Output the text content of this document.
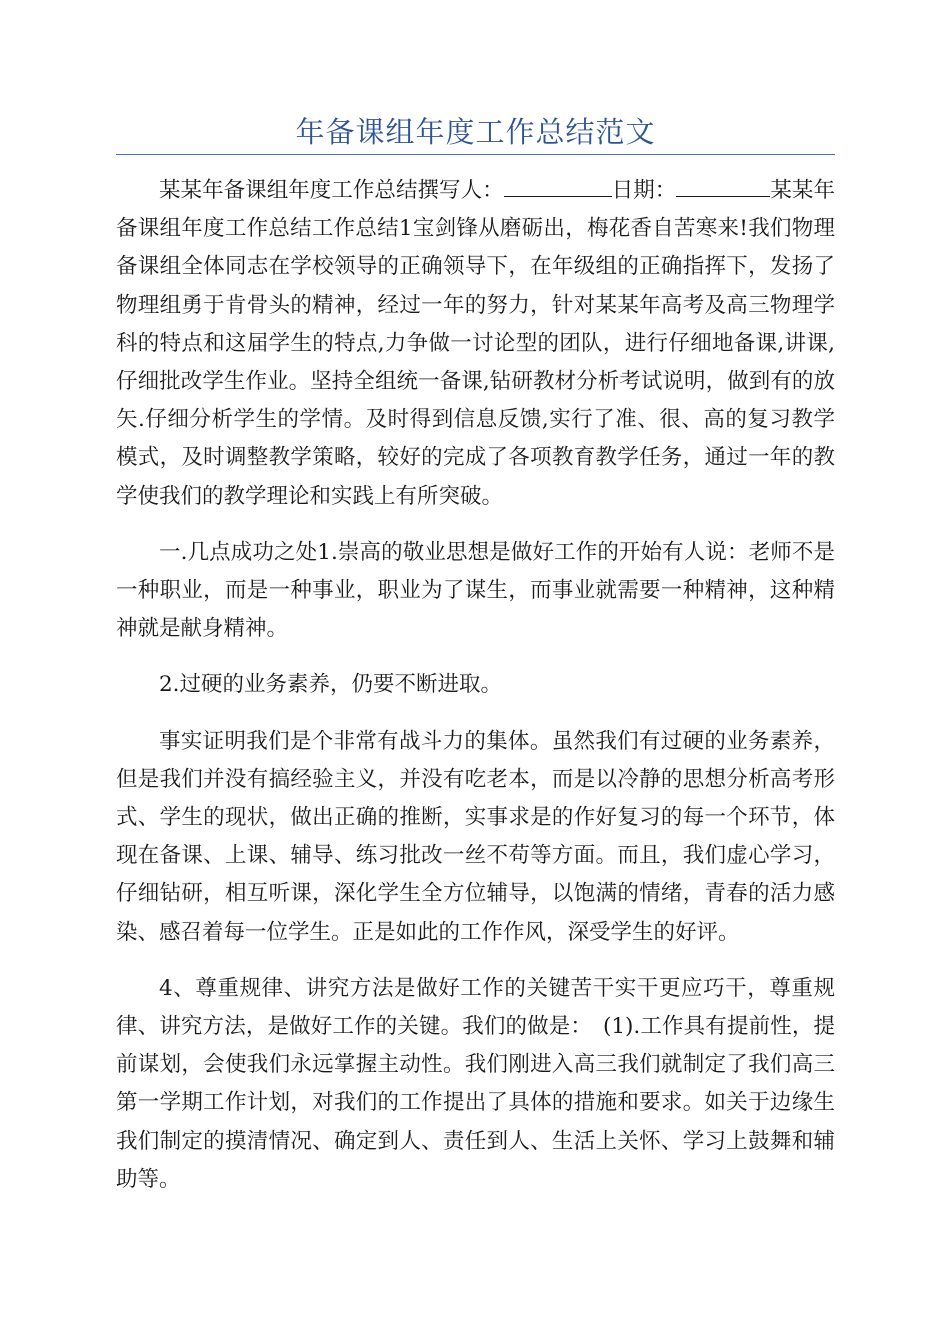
年备课组年度工作总结范文

某某年备课组年度工作总结撰写人：	日期：	某某年备课组年度工作总结工作总结1宝剑锋从磨砺出，梅花香自苦寒来!我们物理备课组全体同志在学校领导的正确领导下，在年级组的正确指挥下，发扬了物理组勇于肯骨头的精神，经过一年的努力，针对某某年高考及高三物理学科的特点和这届学生的特点,力争做一讨论型的团队，进行仔细地备课,讲课,仔细批改学生作业。坚持全组统一备课,钻研教材分析考试说明，做到有的放矢.仔细分析学生的学情。及时得到信息反馈,实行了准、很、高的复习教学模式，及时调整教学策略，较好的完成了各项教育教学任务，通过一年的教学使我们的教学理论和实践上有所突破。

一.几点成功之处1.崇高的敬业思想是做好工作的开始有人说：老师不是一种职业，而是一种事业，职业为了谋生，而事业就需要一种精神，这种精神就是献身精神。

2.过硬的业务素养，仍要不断进取。

事实证明我们是个非常有战斗力的集体。虽然我们有过硬的业务素养，但是我们并没有搞经验主义，并没有吃老本，而是以冷静的思想分析高考形式、学生的现状，做出正确的推断，实事求是的作好复习的每一个环节，体现在备课、上课、辅导、练习批改一丝不苟等方面。而且，我们虚心学习，仔细钻研，相互听课，深化学生全方位辅导，以饱满的情绪，青春的活力感染、感召着每一位学生。正是如此的工作作风，深受学生的好评。

4、尊重规律、讲究方法是做好工作的关键苦干实干更应巧干，尊重规律、讲究方法，是做好工作的关键。我们的做是：　(1).工作具有提前性，提前谋划，会使我们永远掌握主动性。我们刚进入高三我们就制定了我们高三第一学期工作计划，对我们的工作提出了具体的措施和要求。如关于边缘生我们制定的摸清情况、确定到人、责任到人、生活上关怀、学习上鼓舞和辅助等。
